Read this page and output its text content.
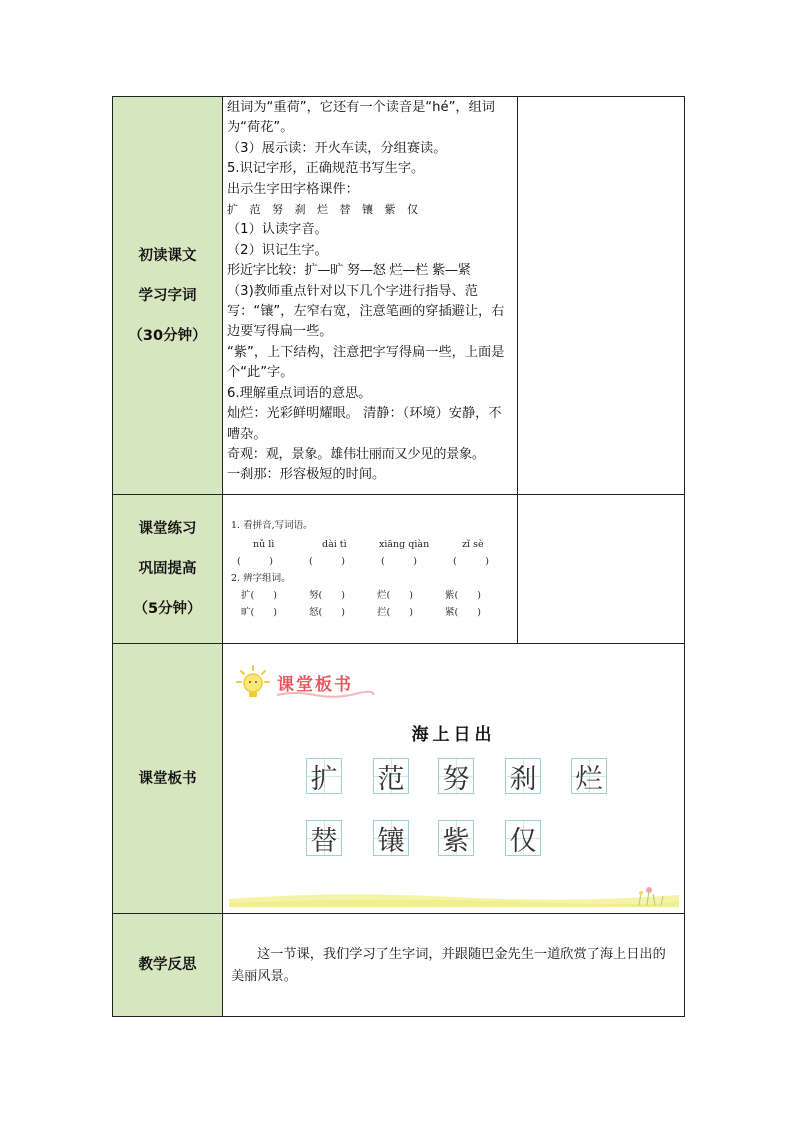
初读课文
学习字词
（30分钟）

组词为“重荷”，它还有一个读音是“hé”，组词为“荷花”。

（3）展示读：开火车读，分组赛读。

5.识记字形，正确规范书写生字。

出示生字田字格课件：

扩 范 努 刹 烂 替 镶 紫 仅

（1）认读字音。

（2）识记生字。

形近字比较：扩—旷 努—怒 烂—栏 紫—紧

（3)教师重点针对以下几个字进行指导、范写：“镶”，左窄右宽，注意笔画的穿插避让，右边要写得扁一些。

“紫”，上下结构，注意把字写得扁一些，上面是个“此”字。

6.理解重点词语的意思。

灿烂：光彩鲜明耀眼。 清静：（环境）安静，不嘈杂。

奇观：观，景象。雄伟壮丽而又少见的景象。

一刹那：形容极短的时间。

课堂练习
巩固提高
（5分钟）
1. 看拼音,写词语。
nǔ lì	dài tì	xiāng qiàn	zǐ sè
(　　　)	(　　　)	(　　　)	(　　　)
2. 辨字组词。
扩(　　)	努(　　)	烂(　　)	紫(　　)
旷(　　)	怒(　　)	拦(　　)	紧(　　)
课堂板书
课堂板书
海上日出
扩 范 努 刹 烂
替 镶 紫 仅
教学反思
这一节课，我们学习了生字词，并跟随巴金先生一道欣赏了海上日出的美丽风景。
